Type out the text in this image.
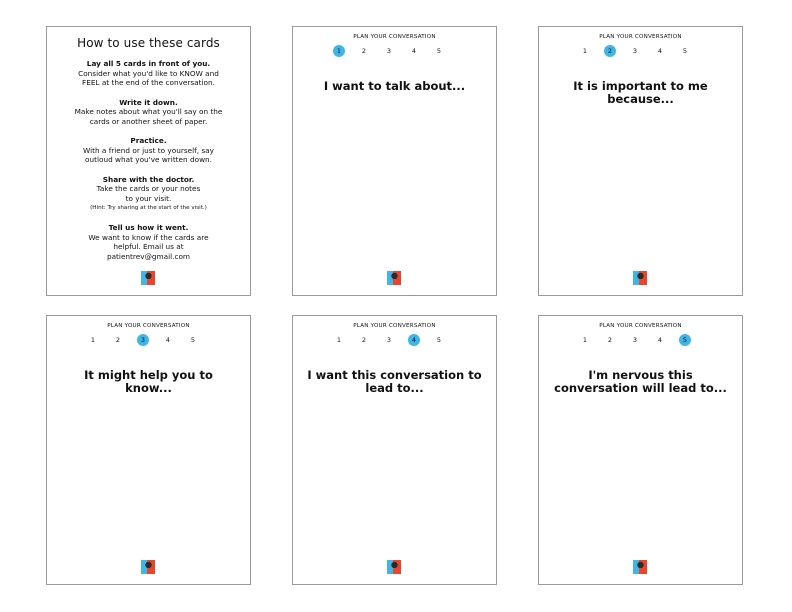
How to use these cards
Lay all 5 cards in front of you.
Consider what you'd like to KNOW and
FEEL at the end of the conversation.
Write it down.
Make notes about what you'll say on the
cards or another sheet of paper.
Practice.
With a friend or just to yourself, say
outloud what you've written down.
Share with the doctor.
Take the cards or your notes
to your visit.
(Hint: Try sharing at the start of the visit.)
Tell us how it went.
We want to know if the cards are
helpful. Email us at
patientrev@gmail.com
PLAN YOUR CONVERSATION
1	2	3	4	5
I want to talk about...
PLAN YOUR CONVERSATION
1	2	3	4	5
It is important to me
because...
PLAN YOUR CONVERSATION
1	2	3	4	5
It might help you to
know...
PLAN YOUR CONVERSATION
1	2	3	4	5
I want this conversation to
lead to...
PLAN YOUR CONVERSATION
1	2	3	4	5
I'm nervous this
conversation will lead to...
